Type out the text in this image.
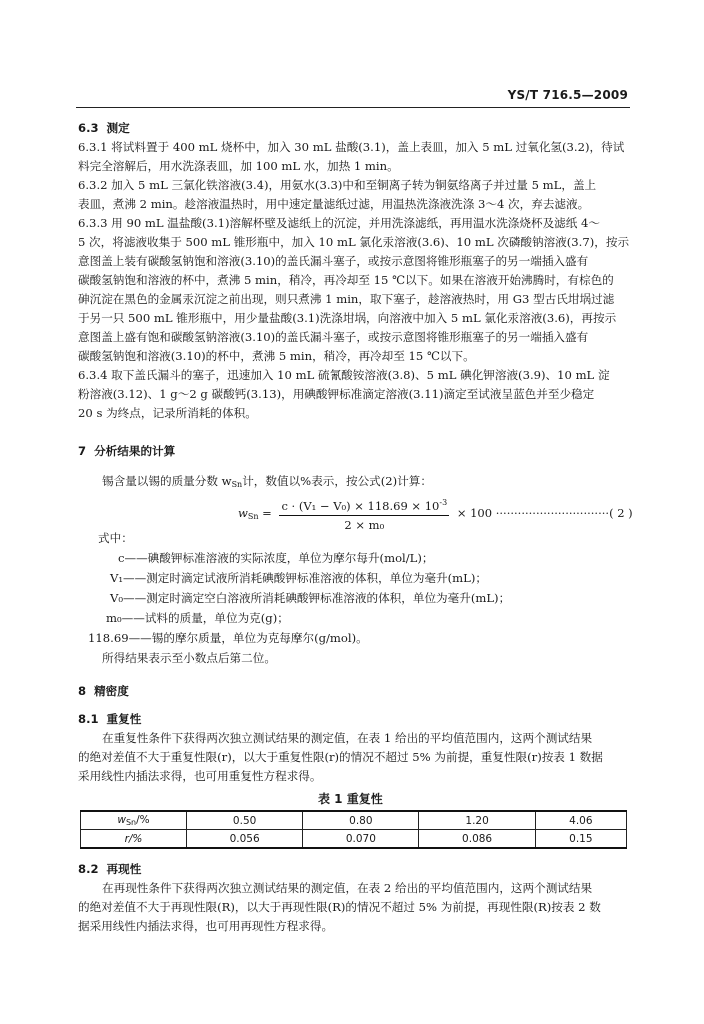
YS/T 716.5—2009
6.3 测定
6.3.1 将试料置于 400 mL 烧杯中，加入 30 mL 盐酸(3.1)，盖上表皿，加入 5 mL 过氧化氢(3.2)，待试
料完全溶解后，用水洗涤表皿，加 100 mL 水，加热 1 min。
6.3.2 加入 5 mL 三氯化铁溶液(3.4)，用氨水(3.3)中和至铜离子转为铜氨络离子并过量 5 mL，盖上
表皿，煮沸 2 min。趁溶液温热时，用中速定量滤纸过滤，用温热洗涤液洗涤 3～4 次，弃去滤液。
6.3.3 用 90 mL 温盐酸(3.1)溶解杯壁及滤纸上的沉淀，并用洗涤滤纸，再用温水洗涤烧杯及滤纸 4～
5 次，将滤液收集于 500 mL 锥形瓶中，加入 10 mL 氯化汞溶液(3.6)、10 mL 次磷酸钠溶液(3.7)，按示
意图盖上装有碳酸氢钠饱和溶液(3.10)的盖氏漏斗塞子，或按示意图将锥形瓶塞子的另一端插入盛有
碳酸氢钠饱和溶液的杯中，煮沸 5 min，稍冷，再冷却至 15 ℃以下。如果在溶液开始沸腾时，有棕色的
砷沉淀在黑色的金属汞沉淀之前出现，则只煮沸 1 min，取下塞子，趁溶液热时，用 G3 型古氏坩埚过滤
于另一只 500 mL 锥形瓶中，用少量盐酸(3.1)洗涤坩埚，向溶液中加入 5 mL 氯化汞溶液(3.6)，再按示
意图盖上盛有饱和碳酸氢钠溶液(3.10)的盖氏漏斗塞子，或按示意图将锥形瓶塞子的另一端插入盛有
碳酸氢钠饱和溶液(3.10)的杯中，煮沸 5 min，稍冷，再冷却至 15 ℃以下。
6.3.4 取下盖氏漏斗的塞子，迅速加入 10 mL 硫氰酸铵溶液(3.8)、5 mL 碘化钾溶液(3.9)、10 mL 淀
粉溶液(3.12)、1 g～2 g 碳酸钙(3.13)，用碘酸钾标准滴定溶液(3.11)滴定至试液呈蓝色并至少稳定
20 s 为终点，记录所消耗的体积。
7 分析结果的计算
锡含量以锡的质量分数 $w_{Sn}$计，数值以%表示，按公式(2)计算：
$w_{Sn} = \frac{c \cdot (V_1 - V_0) \times 118.69 \times 10^{-3}}{\text{2 × m₀}} \times 100$ ·······························( 2 )
式中：
c——碘酸钾标准溶液的实际浓度，单位为摩尔每升(mol/L)；
V₁——测定时滴定试液所消耗碘酸钾标准溶液的体积，单位为毫升(mL)；
V₀——测定时滴定空白溶液所消耗碘酸钾标准溶液的体积，单位为毫升(mL)；
m₀——试料的质量，单位为克(g)；
118.69——锡的摩尔质量，单位为克每摩尔(g/mol)。
所得结果表示至小数点后第二位。
8 精密度
8.1 重复性
在重复性条件下获得两次独立测试结果的测定值，在表 1 给出的平均值范围内，这两个测试结果
的绝对差值不大于重复性限(r)，以大于重复性限(r)的情况不超过 5% 为前提，重复性限(r)按表 1 数据
采用线性内插法求得，也可用重复性方程求得。
表 1 重复性
$w_{Sn}/\%$	0.50	0.80	1.20	4.06
r/%	0.056	0.070	0.086	0.15
8.2 再现性
在再现性条件下获得两次独立测试结果的测定值，在表 2 给出的平均值范围内，这两个测试结果
的绝对差值不大于再现性限(R)，以大于再现性限(R)的情况不超过 5% 为前提，再现性限(R)按表 2 数
据采用线性内插法求得，也可用再现性方程求得。
